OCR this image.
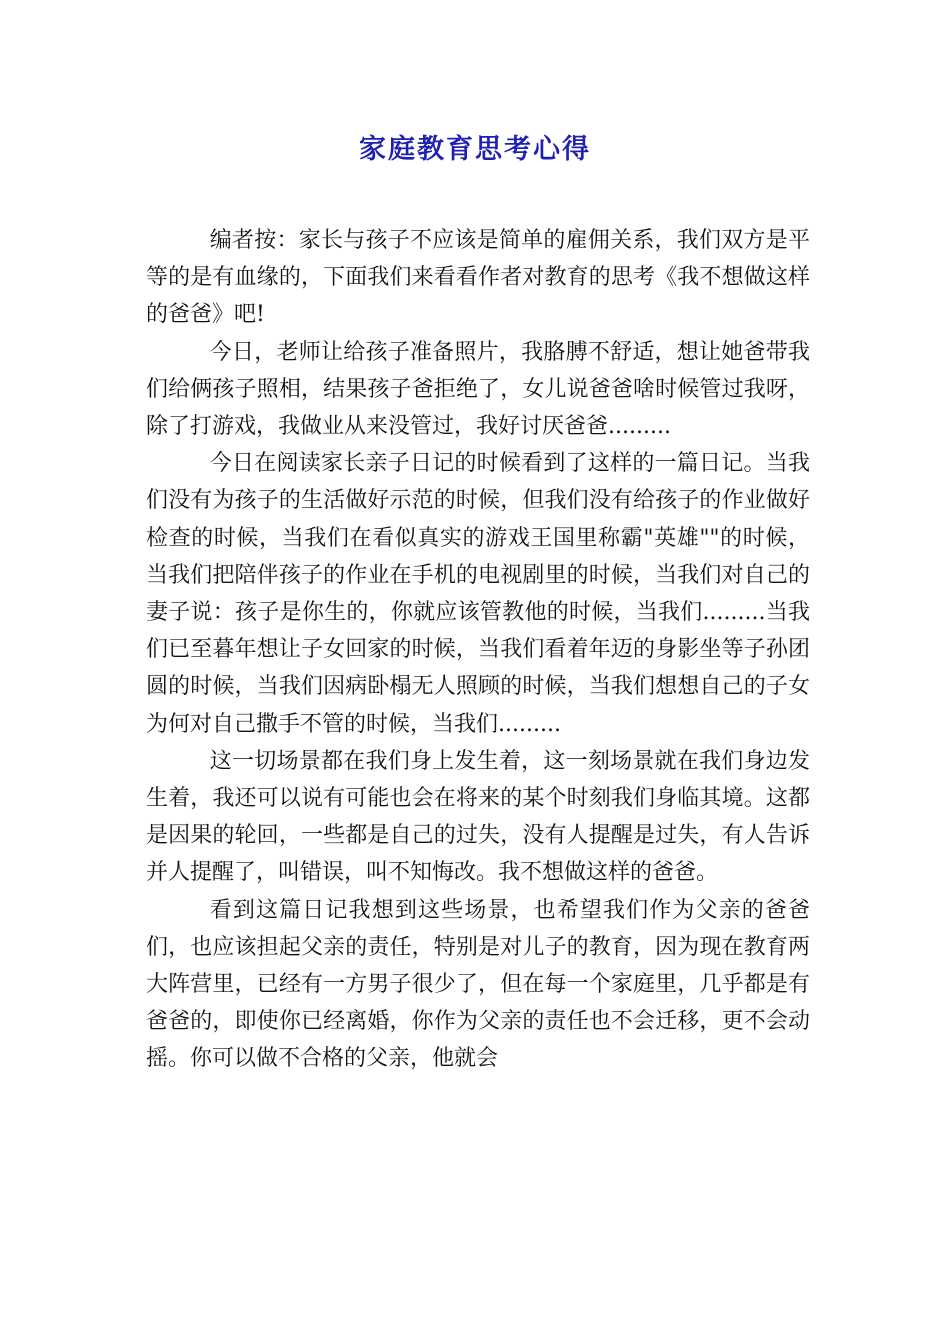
家庭教育思考心得

编者按：家长与孩子不应该是简单的雇佣关系，我们双方是平等的是有血缘的，下面我们来看看作者对教育的思考《我不想做这样的爸爸》吧!

今日，老师让给孩子准备照片，我胳膊不舒适，想让她爸带我们给俩孩子照相，结果孩子爸拒绝了，女儿说爸爸啥时候管过我呀，除了打游戏，我做业从来没管过，我好讨厌爸爸.........

今日在阅读家长亲子日记的时候看到了这样的一篇日记。当我们没有为孩子的生活做好示范的时候，但我们没有给孩子的作业做好检查的时候，当我们在看似真实的游戏王国里称霸"英雄""的时候，当我们把陪伴孩子的作业在手机的电视剧里的时候，当我们对自己的妻子说：孩子是你生的，你就应该管教他的时候，当我们.........当我们已至暮年想让子女回家的时候，当我们看着年迈的身影坐等子孙团圆的时候，当我们因病卧榻无人照顾的时候，当我们想想自己的子女为何对自己撒手不管的时候，当我们.........

这一切场景都在我们身上发生着，这一刻场景就在我们身边发生着，我还可以说有可能也会在将来的某个时刻我们身临其境。这都是因果的轮回，一些都是自己的过失，没有人提醒是过失，有人告诉并人提醒了，叫错误，叫不知悔改。我不想做这样的爸爸。

看到这篇日记我想到这些场景，也希望我们作为父亲的爸爸们，也应该担起父亲的责任，特别是对儿子的教育，因为现在教育两大阵营里，已经有一方男子很少了，但在每一个家庭里，几乎都是有爸爸的，即使你已经离婚，你作为父亲的责任也不会迁移，更不会动摇。你可以做不合格的父亲，他就会
